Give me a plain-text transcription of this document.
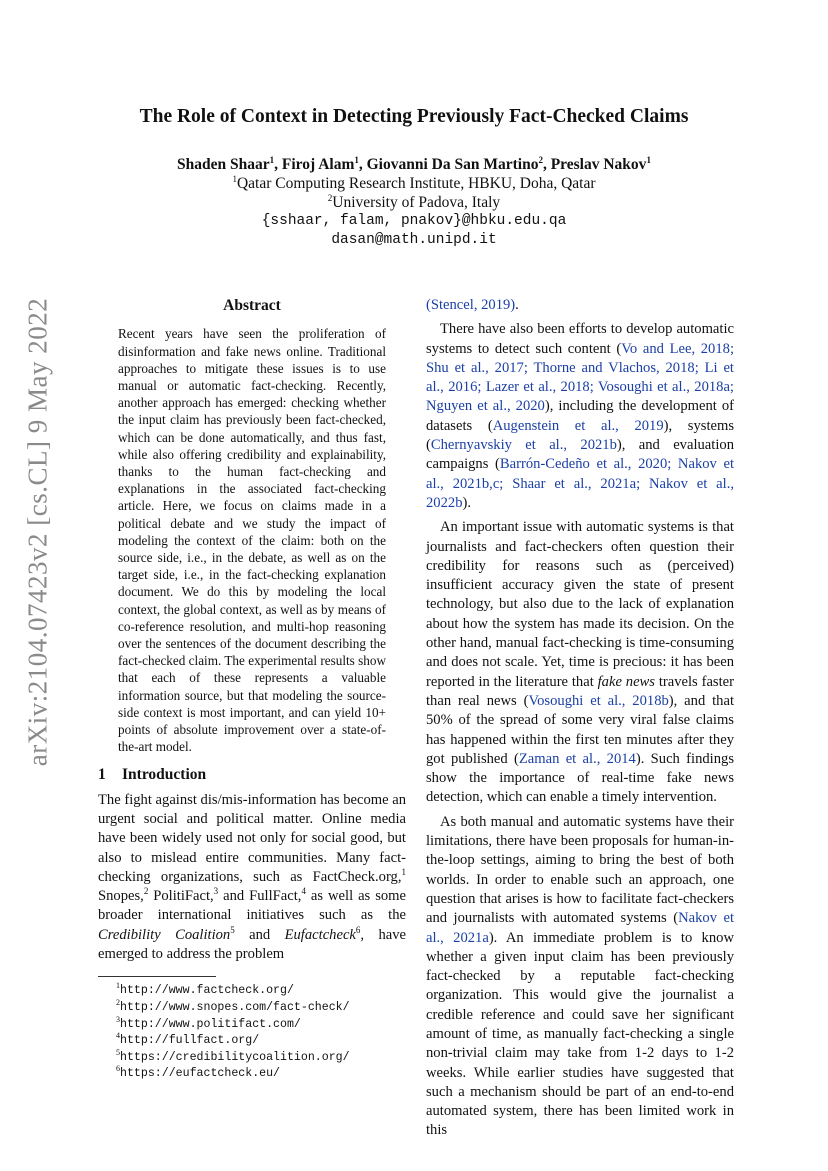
arXiv:2104.07423v2 [cs.CL] 9 May 2022
The Role of Context in Detecting Previously Fact-Checked Claims
Shaden Shaar$^1$, Firoj Alam$^1$, Giovanni Da San Martino$^2$, Preslav Nakov$^1$
$^1$Qatar Computing Research Institute, HBKU, Doha, Qatar
$^2$University of Padova, Italy
{sshaar, falam, pnakov}@hbku.edu.qa
dasan@math.unipd.it
Abstract

Recent years have seen the proliferation of disinformation and fake news online. Traditional approaches to mitigate these issues is to use manual or automatic fact-checking. Recently, another approach has emerged: checking whether the input claim has previously been fact-checked, which can be done automatically, and thus fast, while also offering credibility and explainability, thanks to the human fact-checking and explanations in the associated fact-checking article. Here, we focus on claims made in a political debate and we study the impact of modeling the context of the claim: both on the source side, i.e., in the debate, as well as on the target side, i.e., in the fact-checking explanation document. We do this by modeling the local context, the global context, as well as by means of co-reference resolution, and multi-hop reasoning over the sentences of the document describing the fact-checked claim. The experimental results show that each of these represents a valuable information source, but that modeling the source-side context is most important, and can yield 10+ points of absolute improvement over a state-of-the-art model.

1 Introduction

The fight against dis/mis-information has become an urgent social and political matter. Online media have been widely used not only for social good, but also to mislead entire communities. Many fact-checking organizations, such as FactCheck.org,$^1$ Snopes,$^2$ PolitiFact,$^3$ and FullFact,$^4$ as well as some broader international initiatives such as the Credibility Coalition$^5$ and Eufactcheck$^6$, have emerged to address the problem

$^1$http://www.factcheck.org/
$^2$http://www.snopes.com/fact-check/
$^3$http://www.politifact.com/
$^4$http://fullfact.org/
$^5$https://credibilitycoalition.org/
$^6$https://eufactcheck.eu/

(Stencel, 2019).

There have also been efforts to develop automatic systems to detect such content (Vo and Lee, 2018; Shu et al., 2017; Thorne and Vlachos, 2018; Li et al., 2016; Lazer et al., 2018; Vosoughi et al., 2018a; Nguyen et al., 2020), including the development of datasets (Augenstein et al., 2019), systems (Chernyavskiy et al., 2021b), and evaluation campaigns (Barrón-Cedeño et al., 2020; Nakov et al., 2021b,c; Shaar et al., 2021a; Nakov et al., 2022b).

An important issue with automatic systems is that journalists and fact-checkers often question their credibility for reasons such as (perceived) insufficient accuracy given the state of present technology, but also due to the lack of explanation about how the system has made its decision. On the other hand, manual fact-checking is time-consuming and does not scale. Yet, time is precious: it has been reported in the literature that fake news travels faster than real news (Vosoughi et al., 2018b), and that 50% of the spread of some very viral false claims has happened within the first ten minutes after they got published (Zaman et al., 2014). Such findings show the importance of real-time fake news detection, which can enable a timely intervention.

As both manual and automatic systems have their limitations, there have been proposals for human-in-the-loop settings, aiming to bring the best of both worlds. In order to enable such an approach, one question that arises is how to facilitate fact-checkers and journalists with automated systems (Nakov et al., 2021a). An immediate problem is to know whether a given input claim has been previously fact-checked by a reputable fact-checking organization. This would give the journalist a credible reference and could save her significant amount of time, as manually fact-checking a single non-trivial claim may take from 1-2 days to 1-2 weeks. While earlier studies have suggested that such a mechanism should be part of an end-to-end automated system, there has been limited work in this
